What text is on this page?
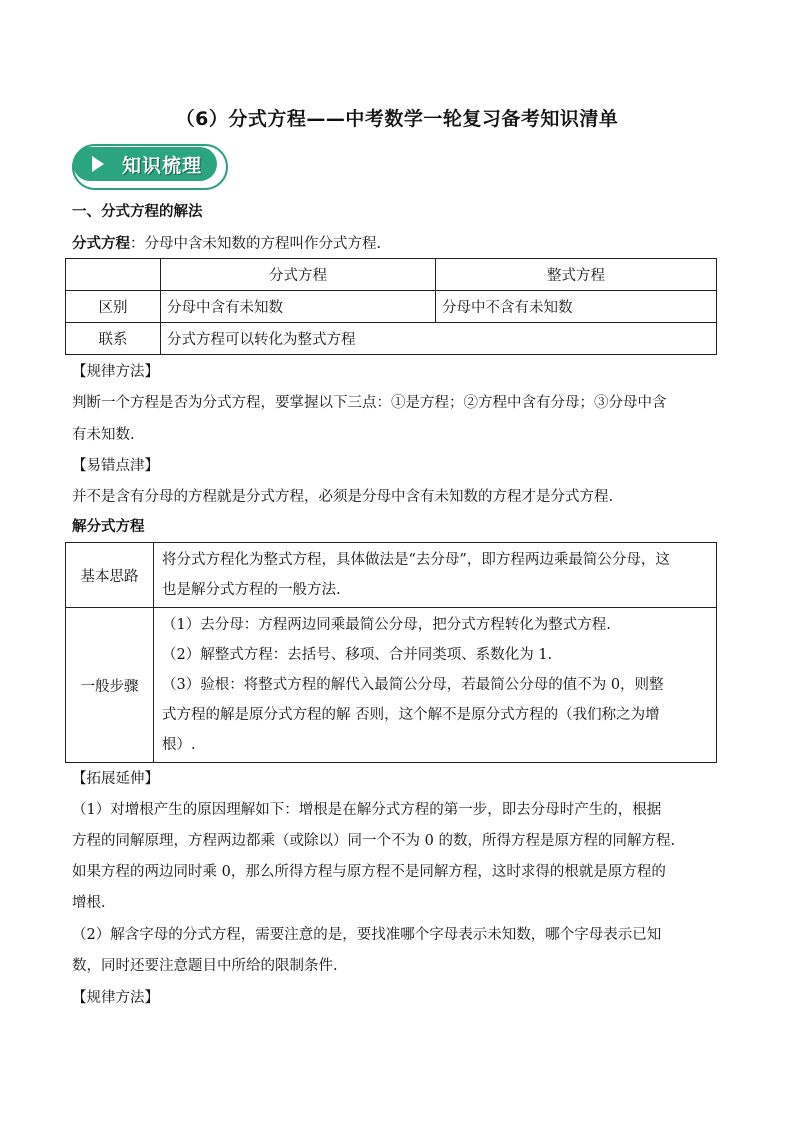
（6）分式方程——中考数学一轮复习备考知识清单
知识梳理
一、分式方程的解法
分式方程：分母中含未知数的方程叫作分式方程.
	分式方程	整式方程
区别	分母中含有未知数	分母中不含有未知数
联系	分式方程可以转化为整式方程	
【规律方法】
判断一个方程是否为分式方程，要掌握以下三点：①是方程；②方程中含有分母；③分母中含
有未知数.
【易错点津】
并不是含有分母的方程就是分式方程，必须是分母中含有未知数的方程才是分式方程.
解分式方程
基本思路	将分式方程化为整式方程，具体做法是“去分母”，即方程两边乘最简公分母，这
也是解分式方程的一般方法.

一般步骤	（1）去分母：方程两边同乘最简公分母，把分式方程转化为整式方程.
（2）解整式方程：去括号、移项、合并同类项、系数化为 1.
（3）验根：将整式方程的解代入最简公分母，若最简公分母的值不为 0，则整
式方程的解是原分式方程的解 否则，这个解不是原分式方程的（我们称之为增
根）.
【拓展延伸】
（1）对增根产生的原因理解如下：增根是在解分式方程的第一步，即去分母时产生的，根据
方程的同解原理，方程两边都乘（或除以）同一个不为 0 的数，所得方程是原方程的同解方程.
如果方程的两边同时乘 0，那么所得方程与原方程不是同解方程，这时求得的根就是原方程的
增根.
（2）解含字母的分式方程，需要注意的是，要找准哪个字母表示未知数，哪个字母表示已知
数，同时还要注意题目中所给的限制条件.
【规律方法】
